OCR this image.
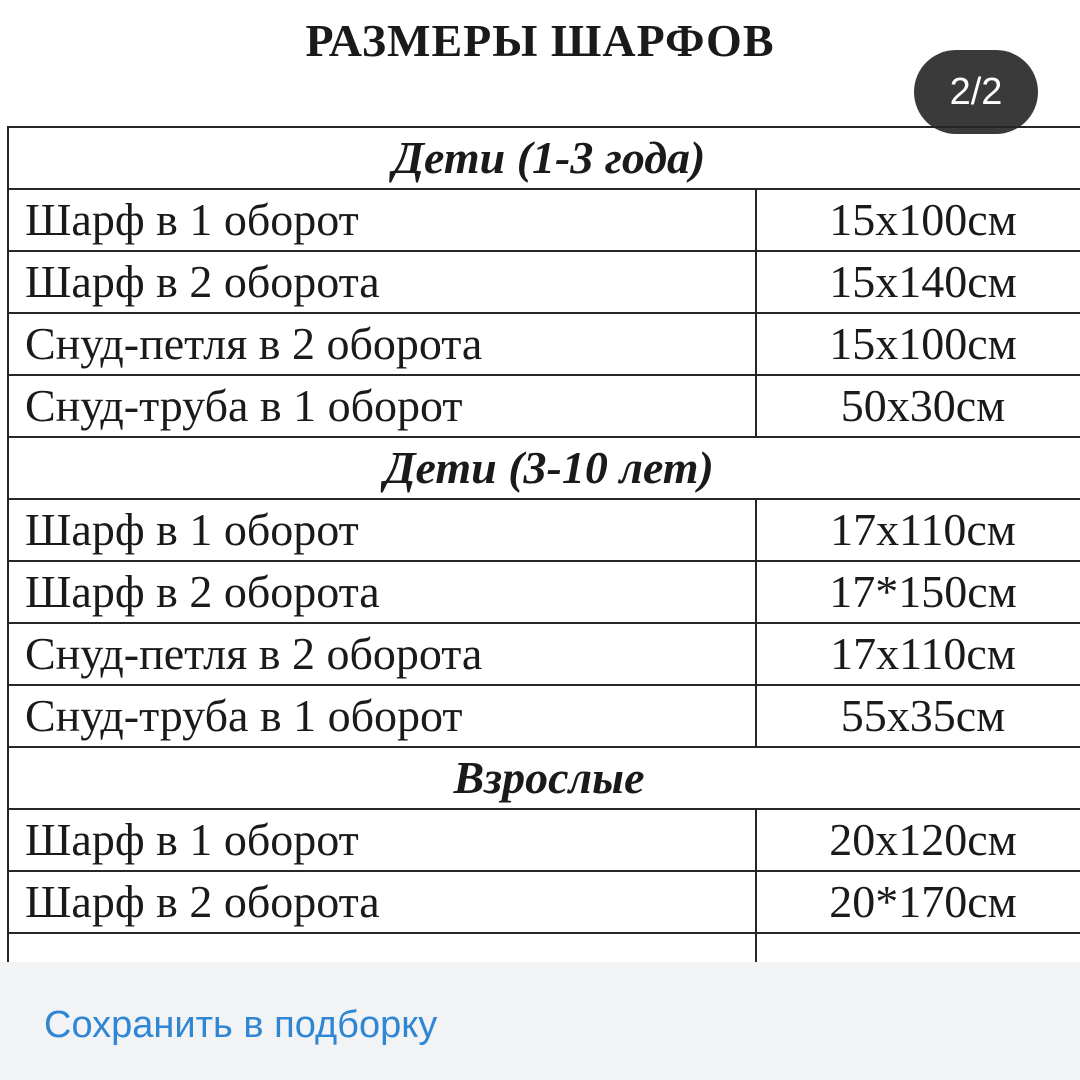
РАЗМЕРЫ ШАРФОВ
2/2
Дети (1-3 года)	
Шарф в 1 оборот	15x100см
Шарф в 2 оборота	15x140см
Снуд-петля в 2 оборота	15x100см
Снуд-труба в 1 оборот	50x30см
Дети (3-10 лет)	
Шарф в 1 оборот	17x110см
Шарф в 2 оборота	17*150см
Снуд-петля в 2 оборота	17x110см
Снуд-труба в 1 оборот	55x35см
Взрослые	
Шарф в 1 оборот	20x120см
Шарф в 2 оборота	20*170см

Сохранить в подборку
